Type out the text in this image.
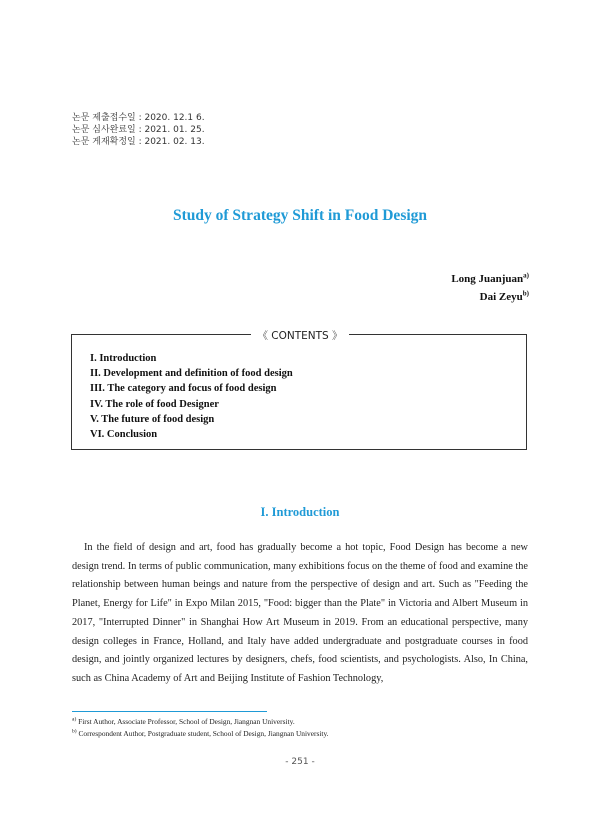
논문 제출접수일 : 2020. 12.1 6.
논문 심사완료일 : 2021. 01. 25.
논문 게재확정일 : 2021. 02. 13.
Study of Strategy Shift in Food Design
Long Juanjuan$^{a)}$
Dai Zeyu$^{b)}$
《 CONTENTS 》
I. Introduction
II. Development and definition of food design
III. The category and focus of food design
IV. The role of food Designer
V. The future of food design
VI. Conclusion
I. Introduction
In the field of design and art, food has gradually become a hot topic, Food Design has become a new design trend. In terms of public communication, many exhibitions focus on the theme of food and examine the relationship between human beings and nature from the perspective of design and art. Such as "Feeding the Planet, Energy for Life" in Expo Milan 2015, "Food: bigger than the Plate" in Victoria and Albert Museum in 2017, "Interrupted Dinner" in Shanghai How Art Museum in 2019. From an educational perspective, many design colleges in France, Holland, and Italy have added undergraduate and postgraduate courses in food design, and jointly organized lectures by designers, chefs, food scientists, and psychologists. Also, In China, such as China Academy of Art and Beijing Institute of Fashion Technology,
$^{a)}$ First Author, Associate Professor, School of Design, Jiangnan University.
$^{b)}$ Correspondent Author, Postgraduate student, School of Design, Jiangnan University.
- 251 -
